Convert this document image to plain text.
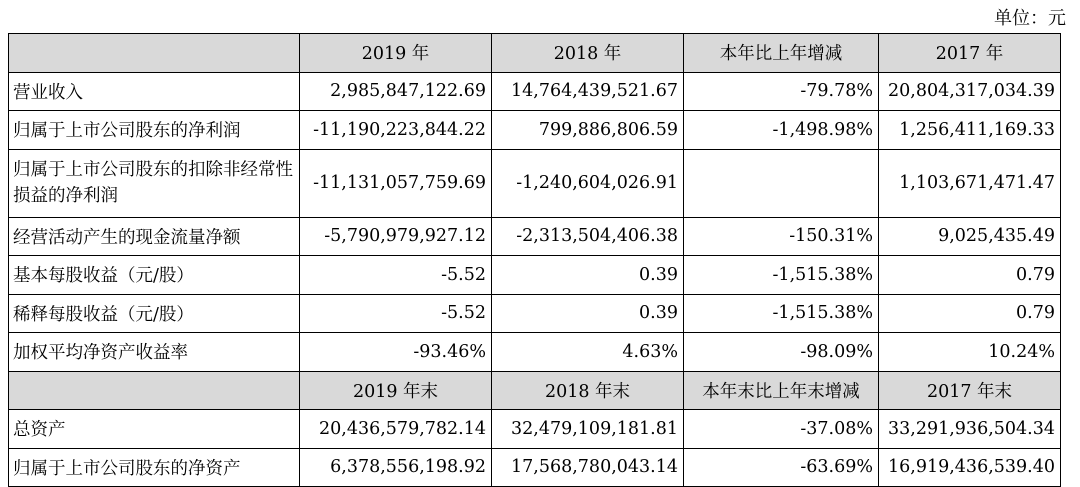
单位：元
	2019 年	2018 年	本年比上年增减	2017 年
营业收入	2,985,847,122.69	14,764,439,521.67	-79.78%	20,804,317,034.39
归属于上市公司股东的净利润	-11,190,223,844.22	799,886,806.59	-1,498.98%	1,256,411,169.33
归属于上市公司股东的扣除非经常性损益的净利润	-11,131,057,759.69	-1,240,604,026.91		1,103,671,471.47
经营活动产生的现金流量净额	-5,790,979,927.12	-2,313,504,406.38	-150.31%	9,025,435.49
基本每股收益（元/股）	-5.52	0.39	-1,515.38%	0.79
稀释每股收益（元/股）	-5.52	0.39	-1,515.38%	0.79
加权平均净资产收益率	-93.46%	4.63%	-98.09%	10.24%
	2019 年末	2018 年末	本年末比上年末增减	2017 年末
总资产	20,436,579,782.14	32,479,109,181.81	-37.08%	33,291,936,504.34
归属于上市公司股东的净资产	6,378,556,198.92	17,568,780,043.14	-63.69%	16,919,436,539.40
